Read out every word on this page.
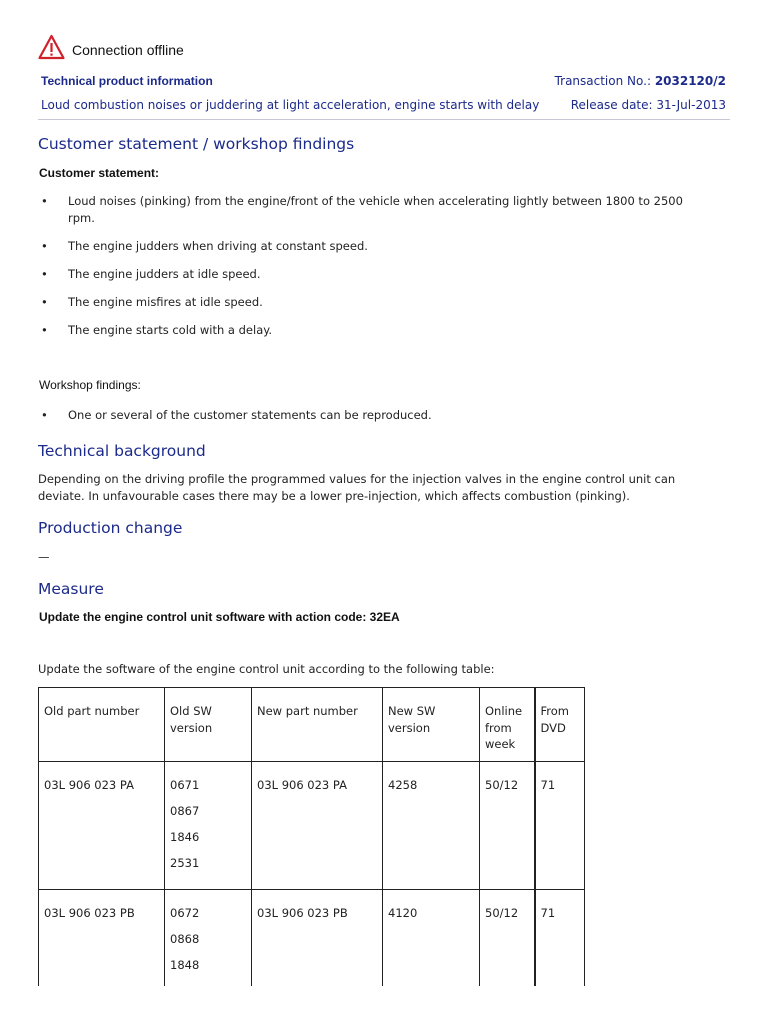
Connection offline
Technical product information	Transaction No.: 2032120/2
Loud combustion noises or juddering at light acceleration, engine starts with delay	Release date: 31-Jul-2013
Customer statement / workshop findings
Customer statement:
•	Loud noises (pinking) from the engine/front of the vehicle when accelerating lightly between 1800 to 2500 rpm.
•	The engine judders when driving at constant speed.
•	The engine judders at idle speed.
•	The engine misfires at idle speed.
•	The engine starts cold with a delay.
Workshop findings:
•	One or several of the customer statements can be reproduced.
Technical background
Depending on the driving profile the programmed values for the injection valves in the engine control unit can deviate. In unfavourable cases there may be a lower pre-injection, which affects combustion (pinking).
Production change
—
Measure
Update the engine control unit software with action code: 32EA
Update the software of the engine control unit according to the following table:
Old part number	Old SW version	New part number	New SW version	Online from week	From DVD
03L 906 023 PA	0671
0867
1846
2531	03L 906 023 PA	4258	50/12	71
03L 906 023 PB	0672
0868
1848	03L 906 023 PB	4120	50/12	71
